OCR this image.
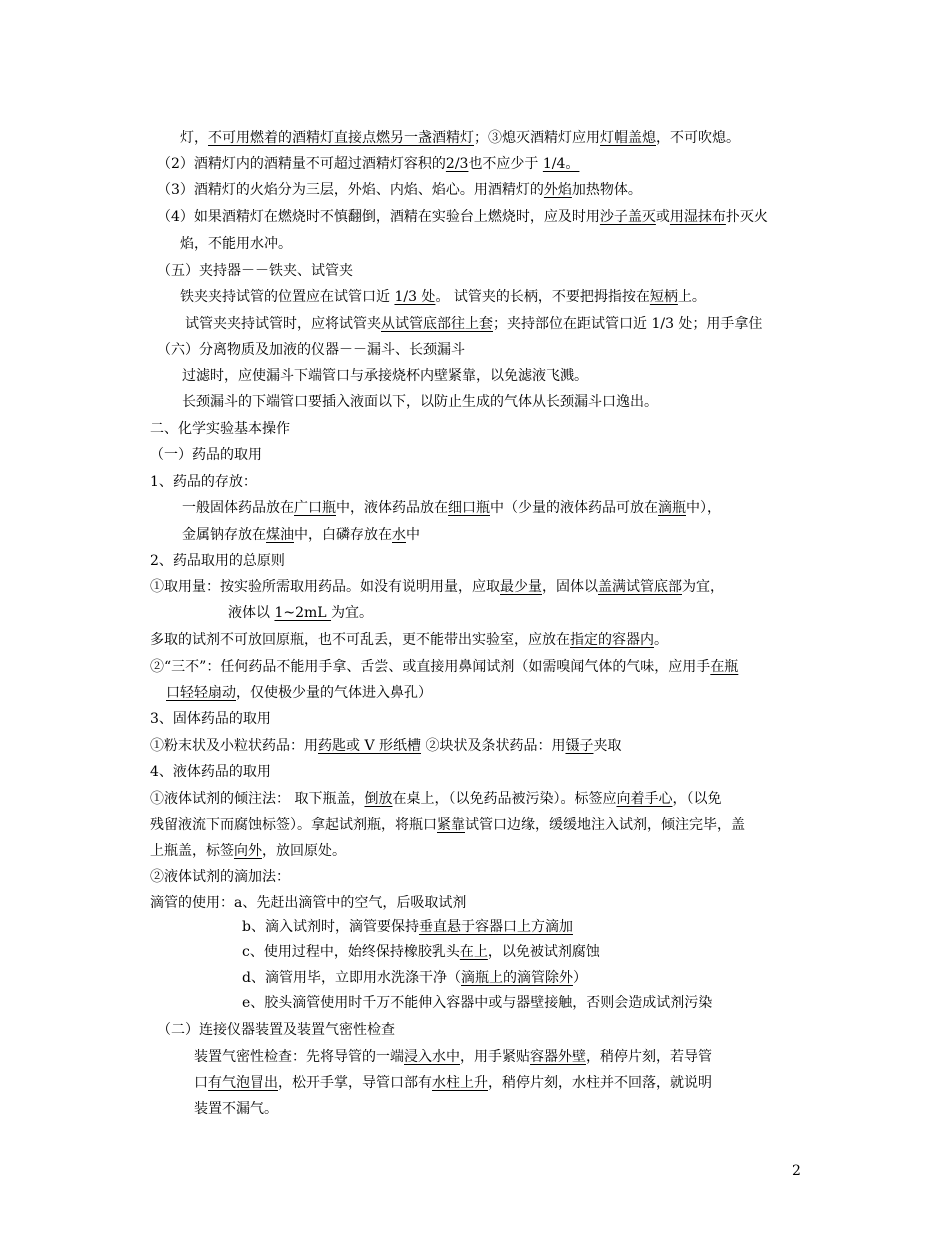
灯，不可用燃着的酒精灯直接点燃另一盏酒精灯；③熄灭酒精灯应用灯帽盖熄，不可吹熄。
（2）酒精灯内的酒精量不可超过酒精灯容积的2/3也不应少于 1/4。
（3）酒精灯的火焰分为三层，外焰、内焰、焰心。用酒精灯的外焰加热物体。
（4）如果酒精灯在燃烧时不慎翻倒，酒精在实验台上燃烧时，应及时用沙子盖灭或用湿抹布扑灭火
焰，不能用水冲。
（五）夹持器－－铁夹、试管夹
铁夹夹持试管的位置应在试管口近 1/3 处。 试管夹的长柄，不要把拇指按在短柄上。
试管夹夹持试管时，应将试管夹从试管底部往上套；夹持部位在距试管口近 1/3 处；用手拿住
（六）分离物质及加液的仪器－－漏斗、长颈漏斗
过滤时，应使漏斗下端管口与承接烧杯内壁紧靠，以免滤液飞溅。
长颈漏斗的下端管口要插入液面以下，以防止生成的气体从长颈漏斗口逸出。
二、化学实验基本操作
（一）药品的取用
1、药品的存放：
一般固体药品放在广口瓶中，液体药品放在细口瓶中（少量的液体药品可放在滴瓶中），
金属钠存放在煤油中，白磷存放在水中
2、药品取用的总原则
①取用量：按实验所需取用药品。如没有说明用量，应取最少量，固体以盖满试管底部为宜，
液体以 1~2mL 为宜。
多取的试剂不可放回原瓶，也不可乱丢，更不能带出实验室，应放在指定的容器内。
②“三不”：任何药品不能用手拿、舌尝、或直接用鼻闻试剂（如需嗅闻气体的气味，应用手在瓶
口轻轻扇动，仅使极少量的气体进入鼻孔）
3、固体药品的取用
①粉末状及小粒状药品：用药匙或 V 形纸槽 ②块状及条状药品：用镊子夹取
4、液体药品的取用
①液体试剂的倾注法： 取下瓶盖，倒放在桌上，（以免药品被污染）。标签应向着手心，（以免
残留液流下而腐蚀标签）。拿起试剂瓶，将瓶口紧靠试管口边缘，缓缓地注入试剂，倾注完毕，盖
上瓶盖，标签向外，放回原处。
②液体试剂的滴加法：
滴管的使用：a、先赶出滴管中的空气，后吸取试剂
b、滴入试剂时，滴管要保持垂直悬于容器口上方滴加
c、使用过程中，始终保持橡胶乳头在上，以免被试剂腐蚀
d、滴管用毕，立即用水洗涤干净（滴瓶上的滴管除外）
e、胶头滴管使用时千万不能伸入容器中或与器壁接触，否则会造成试剂污染
（二）连接仪器装置及装置气密性检查
装置气密性检查：先将导管的一端浸入水中，用手紧贴容器外壁，稍停片刻，若导管
口有气泡冒出，松开手掌，导管口部有水柱上升，稍停片刻，水柱并不回落，就说明
装置不漏气。
2
